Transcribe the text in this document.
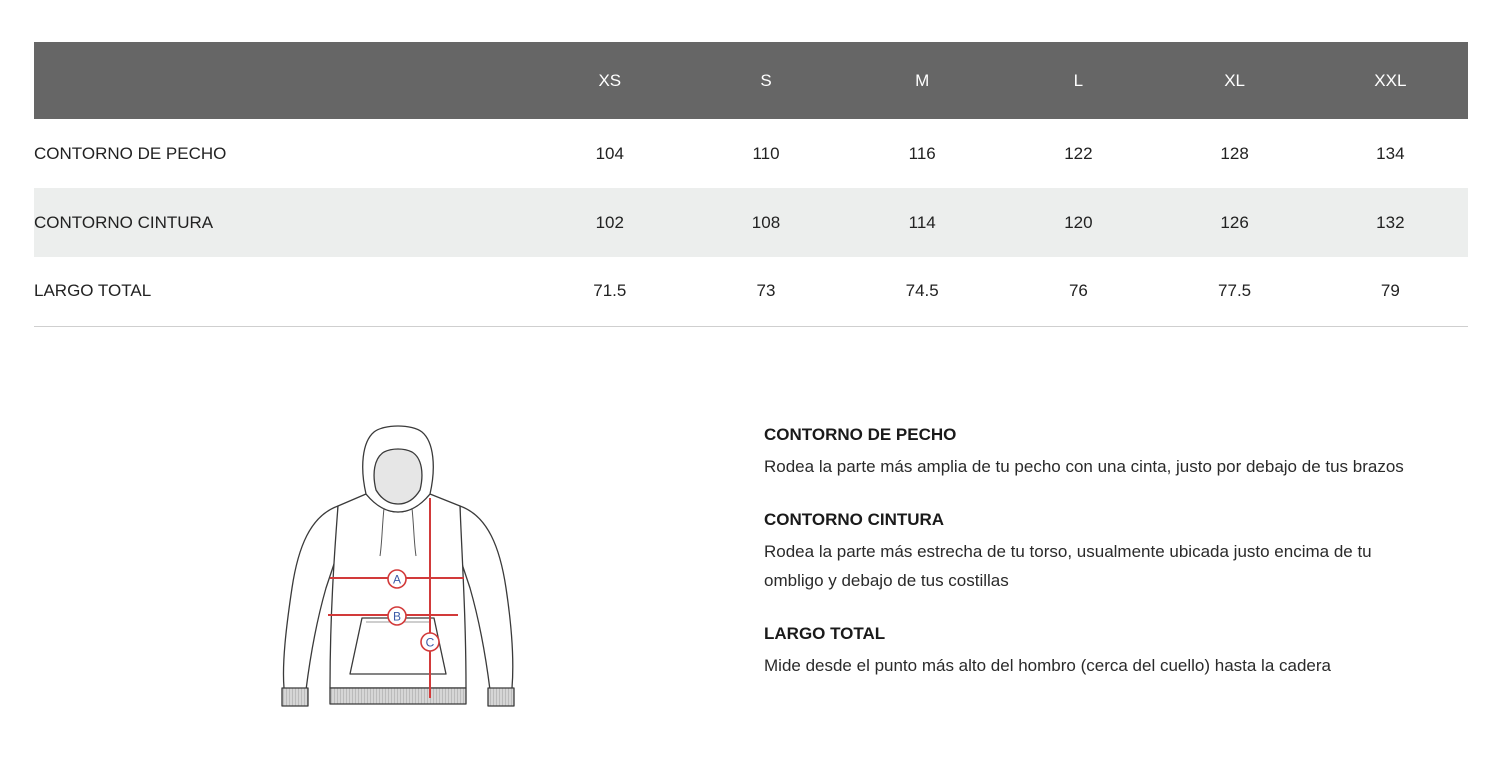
	XS	S	M	L	XL	XXL
CONTORNO DE PECHO	104	110	116	122	128	134
CONTORNO CINTURA	102	108	114	120	126	132
LARGO TOTAL	71.5	73	74.5	76	77.5	79
A
B
C
CONTORNO DE PECHO
Rodea la parte más amplia de tu pecho con una cinta, justo por debajo de tus brazos
CONTORNO CINTURA
Rodea la parte más estrecha de tu torso, usualmente ubicada justo encima de tu ombligo y debajo de tus costillas
LARGO TOTAL
Mide desde el punto más alto del hombro (cerca del cuello) hasta la cadera
